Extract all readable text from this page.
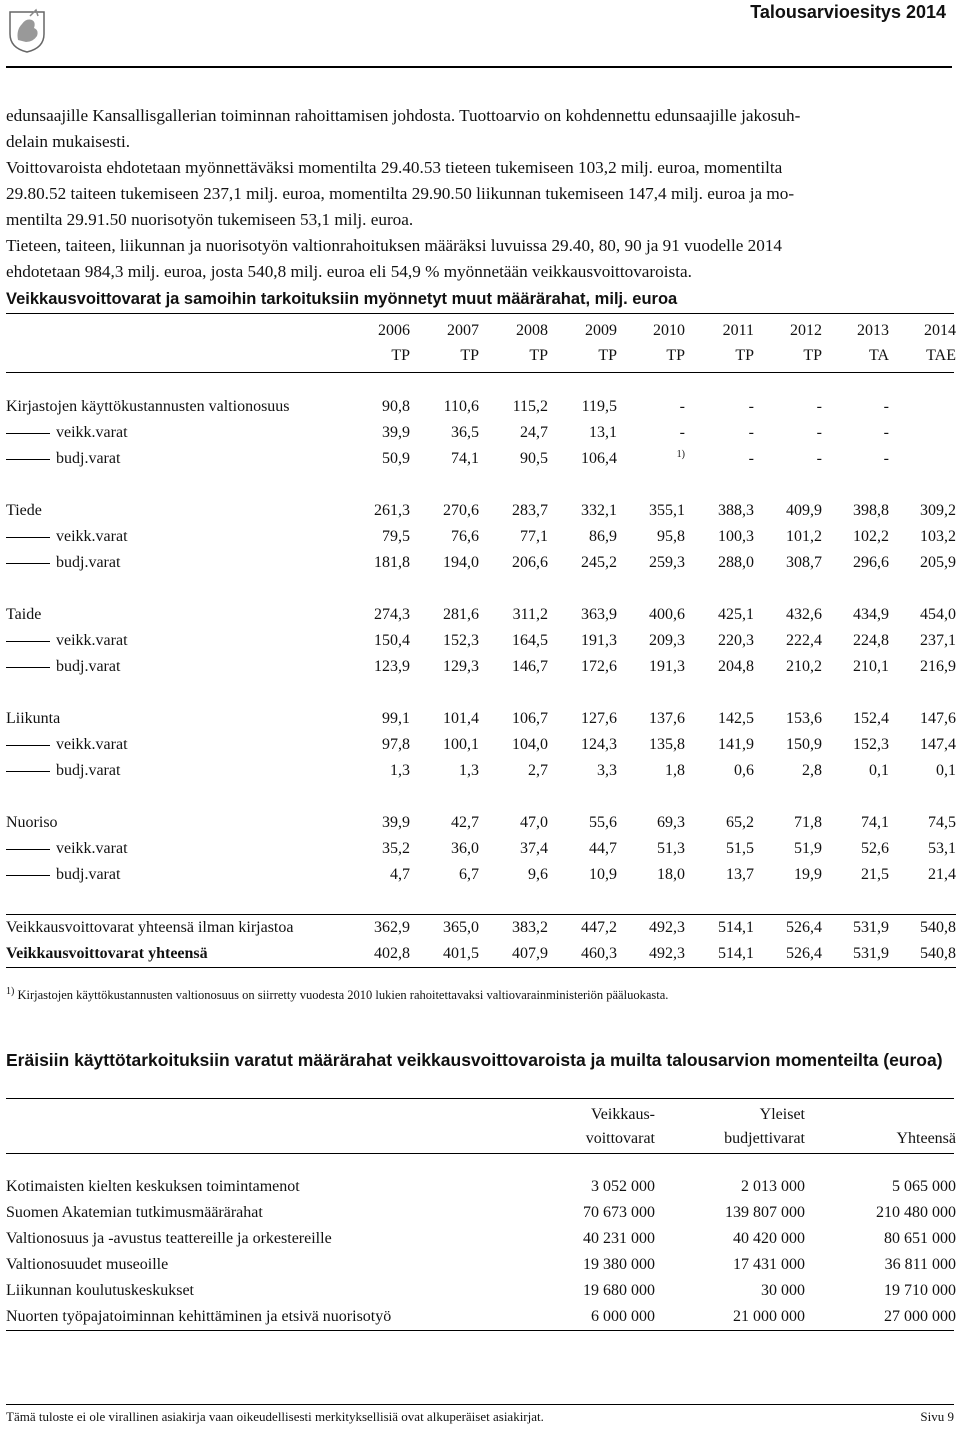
Talousarvioesitys 2014

edunsaajille Kansallisgallerian toiminnan rahoittamisen johdosta. Tuottoarvio on kohdennettu edunsaajille jakosuh-
delain mukaisesti.

Voittovaroista ehdotetaan myönnettäväksi momentilta 29.40.53 tieteen tukemiseen 103,2 milj. euroa, momentilta
29.80.52 taiteen tukemiseen 237,1 milj. euroa, momentilta 29.90.50 liikunnan tukemiseen 147,4 milj. euroa ja mo-
mentilta 29.91.50 nuorisotyön tukemiseen 53,1 milj. euroa.

Tieteen, taiteen, liikunnan ja nuorisotyön valtionrahoituksen määräksi luvuissa 29.40, 80, 90 ja 91 vuodelle 2014
ehdotetaan 984,3 milj. euroa, josta 540,8 milj. euroa eli 54,9 % myönnetään veikkausvoittovaroista.

Veikkausvoittovarat ja samoihin tarkoituksiin myönnetyt muut määrärahat, milj. euroa
	2006	2007	2008	2009	2010	2011	2012	2013	2014
	TP	TP	TP	TP	TP	TP	TP	TA	TAE

Kirjastojen käyttökustannusten valtionosuus	90,8	110,6	115,2	119,5	-	-	-	-	
veikk.varat	39,9	36,5	24,7	13,1	-	-	-	-	
budj.varat	50,9	74,1	90,5	106,4	$^{1)}$	-	-	-	

Tiede	261,3	270,6	283,7	332,1	355,1	388,3	409,9	398,8	309,2
veikk.varat	79,5	76,6	77,1	86,9	95,8	100,3	101,2	102,2	103,2
budj.varat	181,8	194,0	206,6	245,2	259,3	288,0	308,7	296,6	205,9

Taide	274,3	281,6	311,2	363,9	400,6	425,1	432,6	434,9	454,0
veikk.varat	150,4	152,3	164,5	191,3	209,3	220,3	222,4	224,8	237,1
budj.varat	123,9	129,3	146,7	172,6	191,3	204,8	210,2	210,1	216,9

Liikunta	99,1	101,4	106,7	127,6	137,6	142,5	153,6	152,4	147,6
veikk.varat	97,8	100,1	104,0	124,3	135,8	141,9	150,9	152,3	147,4
budj.varat	1,3	1,3	2,7	3,3	1,8	0,6	2,8	0,1	0,1

Nuoriso	39,9	42,7	47,0	55,6	69,3	65,2	71,8	74,1	74,5
veikk.varat	35,2	36,0	37,4	44,7	51,3	51,5	51,9	52,6	53,1
budj.varat	4,7	6,7	9,6	10,9	18,0	13,7	19,9	21,5	21,4

Veikkausvoittovarat yhteensä ilman kirjastoa	362,9	365,0	383,2	447,2	492,3	514,1	526,4	531,9	540,8
Veikkausvoittovarat yhteensä	402,8	401,5	407,9	460,3	492,3	514,1	526,4	531,9	540,8
$^{1)}$ Kirjastojen käyttökustannusten valtionosuus on siirretty vuodesta 2010 lukien rahoitettavaksi valtiovarainministeriön pääluokasta.
Eräisiin käyttötarkoituksiin varatut määrärahat veikkausvoittovaroista ja muilta talousarvion momenteilta (euroa)
	Veikkaus-	Yleiset	
	voittovarat	budjettivarat	Yhteensä

Kotimaisten kielten keskuksen toimintamenot	3 052 000	2 013 000	5 065 000
Suomen Akatemian tutkimusmäärärahat	70 673 000	139 807 000	210 480 000
Valtionosuus ja -avustus teattereille ja orkestereille	40 231 000	40 420 000	80 651 000
Valtionosuudet museoille	19 380 000	17 431 000	36 811 000
Liikunnan koulutuskeskukset	19 680 000	30 000	19 710 000
Nuorten työpajatoiminnan kehittäminen ja etsivä nuorisotyö	6 000 000	21 000 000	27 000 000
Tämä tuloste ei ole virallinen asiakirja vaan oikeudellisesti merkityksellisiä ovat alkuperäiset asiakirjat.	Sivu 9
